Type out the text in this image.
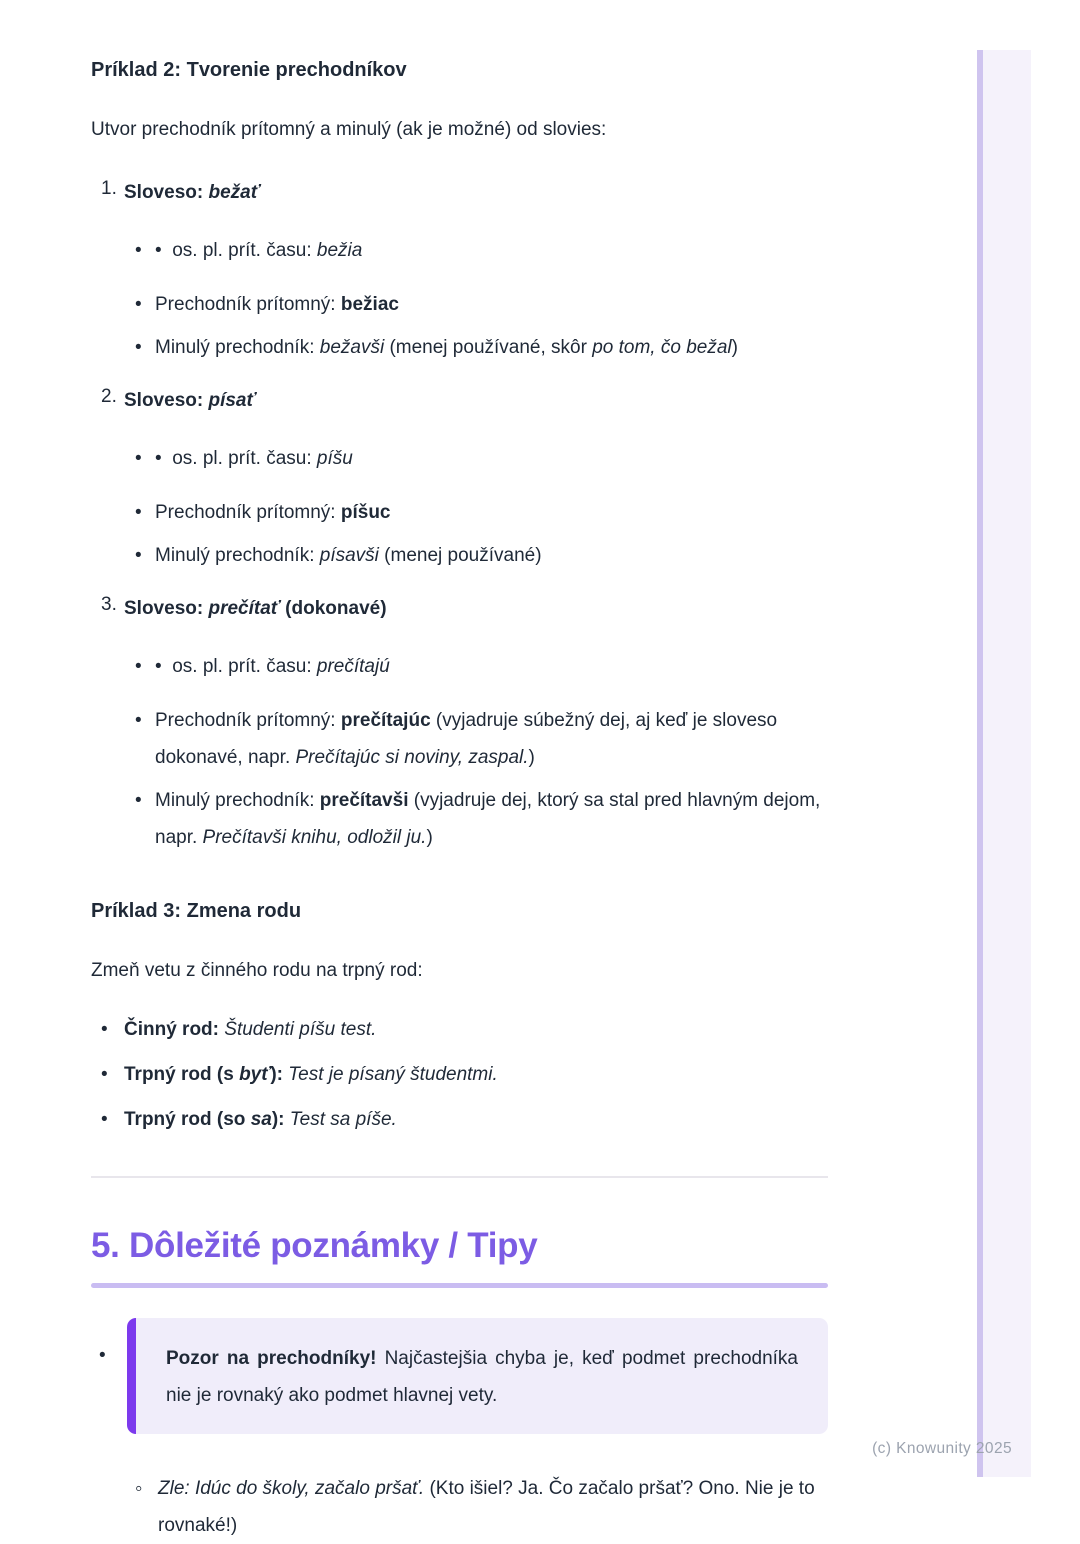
Príklad 2: Tvorenie prechodníkov

Utvor prechodník prítomný a minulý (ak je možné) od slovies:

1. Sloveso: bežať
• •  os. pl. prít. času: bežia
• Prechodník prítomný: bežiac
• Minulý prechodník: bežavši (menej používané, skôr po tom, čo bežal)
2. Sloveso: písať
• •  os. pl. prít. času: píšu
• Prechodník prítomný: píšuc
• Minulý prechodník: písavši (menej používané)
3. Sloveso: prečítať (dokonavé)
• •  os. pl. prít. času: prečítajú
• Prechodník prítomný: prečítajúc (vyjadruje súbežný dej, aj keď je sloveso dokonavé, napr. Prečítajúc si noviny, zaspal.)
• Minulý prechodník: prečítavši (vyjadruje dej, ktorý sa stal pred hlavným dejom, napr. Prečítavši knihu, odložil ju.)
Príklad 3: Zmena rodu

Zmeň vetu z činného rodu na trpný rod:

• Činný rod: Študenti píšu test.
• Trpný rod (s byť): Test je písaný študentmi.
• Trpný rod (so sa): Test sa píše.
5. Dôležité poznámky / Tipy

• Pozor na prechodníky! Najčastejšia chyba je, keď podmet prechodníka nie je rovnaký ako podmet hlavnej vety.

◦ Zle: Idúc do školy, začalo pršať. (Kto išiel? Ja. Čo začalo pršať? Ono. Nie je to rovnaké!)
(c) Knowunity 2025
